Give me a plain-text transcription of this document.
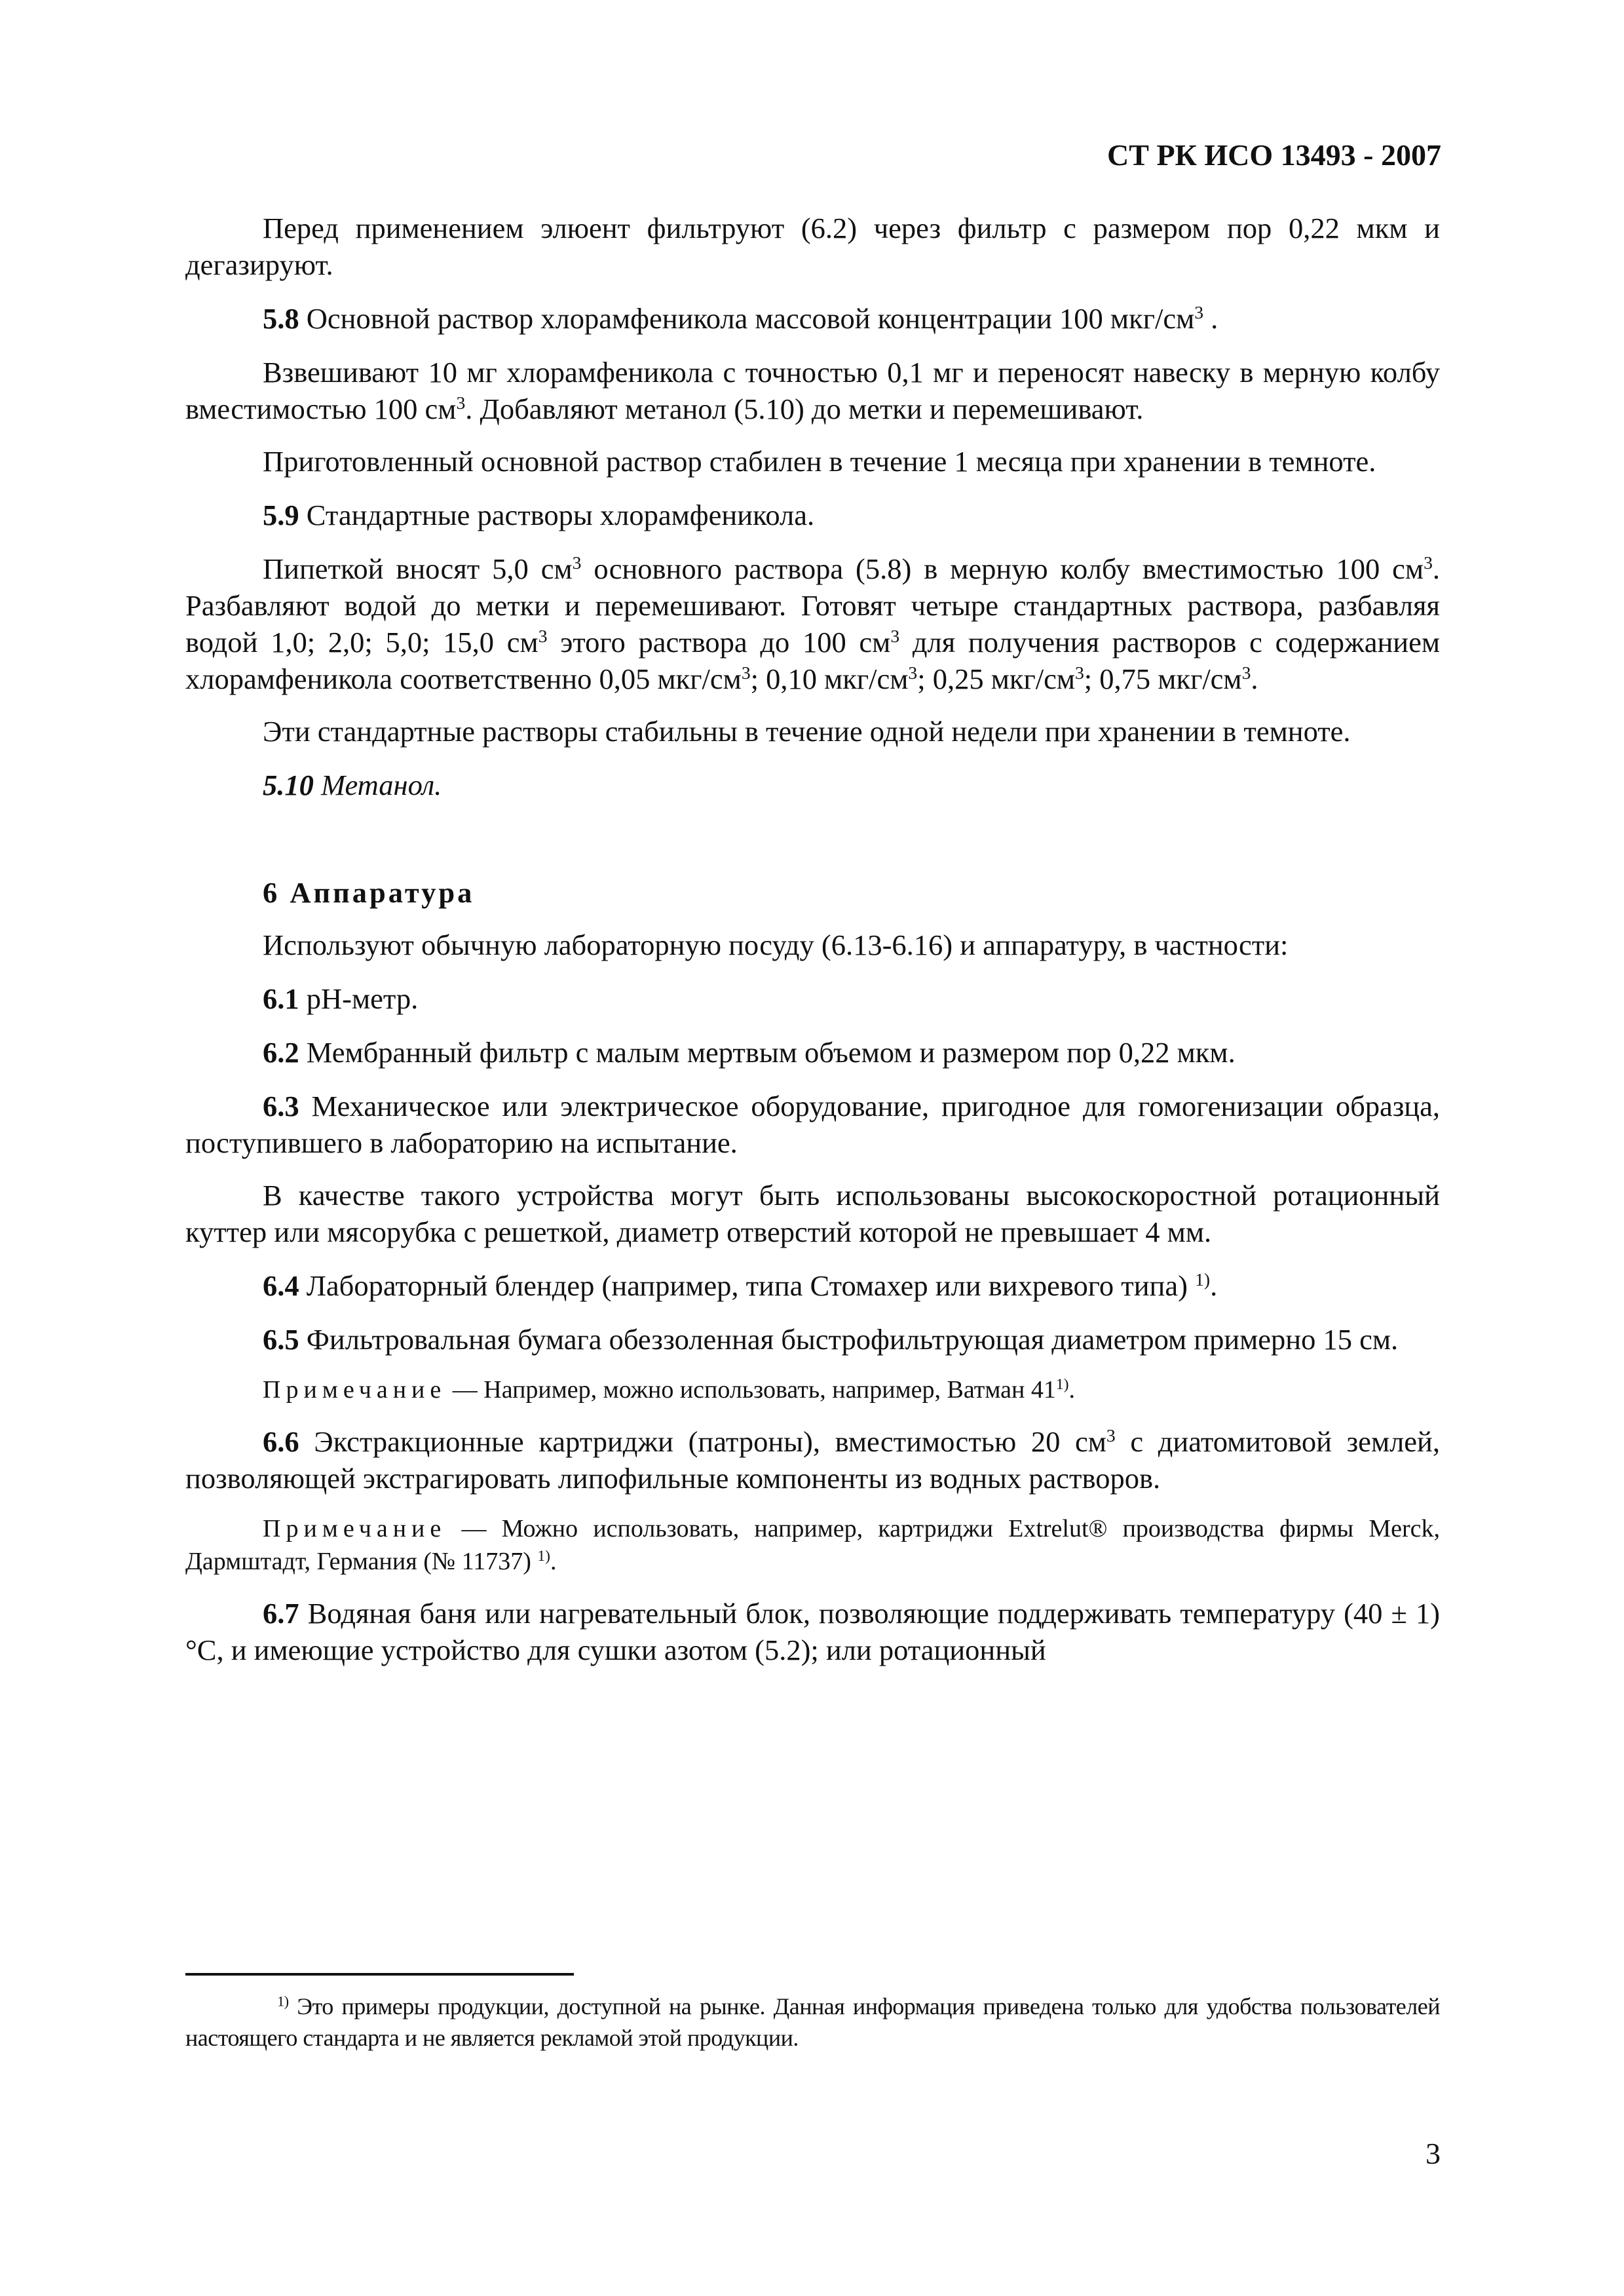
СТ РК ИСО 13493 - 2007

Перед применением элюент фильтруют (6.2) через фильтр с размером пор 0,22 мкм и дегазируют.

5.8 Основной раствор хлорамфеникола массовой концентрации 100 мкг/$см^3$ .

Взвешивают 10 мг хлорамфеникола с точностью 0,1 мг и переносят навеску в мерную колбу вместимостью 100 $см^3$. Добавляют метанол (5.10) до метки и перемешивают.

Приготовленный основной раствор стабилен в течение 1 месяца при хранении в темноте.

5.9 Стандартные растворы хлорамфеникола.

Пипеткой вносят 5,0 $см^3$ основного раствора (5.8) в мерную колбу вместимостью 100 $см^3$. Разбавляют водой до метки и перемешивают. Готовят четыре стандартных раствора, разбавляя водой 1,0; 2,0; 5,0; 15,0 $см^3$ этого раствора до 100 $см^3$ для получения растворов с содержанием хлорамфеникола соответственно 0,05 мкг/$см^3$; 0,10 мкг/$см^3$; 0,25 мкг/$см^3$; 0,75 мкг/$см^3$.

Эти стандартные растворы стабильны в течение одной недели при хранении в темноте.

5.10 Метанол.

6 Аппаратура

Используют обычную лабораторную посуду (6.13-6.16) и аппаратуру, в частности:

6.1 рН-метр.

6.2 Мембранный фильтр с малым мертвым объемом и размером пор 0,22 мкм.

6.3 Механическое или электрическое оборудование, пригодное для гомогенизации образца, поступившего в лабораторию на испытание.

В качестве такого устройства могут быть использованы высокоскоростной ротационный куттер или мясорубка с решеткой, диаметр отверстий которой не превышает 4 мм.

6.4 Лабораторный блендер (например, типа Стомахер или вихревого типа) $^{1)}$.

6.5 Фильтровальная бумага обеззоленная быстрофильтрующая диаметром примерно 15 см.

Примечание — Например, можно использовать, например, Ватман 41$^{1)}$.

6.6 Экстракционные картриджи (патроны), вместимостью 20 $см^3$ с диатомитовой землей, позволяющей экстрагировать липофильные компоненты из водных растворов.

Примечание — Можно использовать, например, картриджи Extrelut® производства фирмы Merck, Дармштадт, Германия (№ 11737) $^{1)}$.

6.7 Водяная баня или нагревательный блок, позволяющие поддерживать температуру (40 ± 1) °С, и имеющие устройство для сушки азотом (5.2); или ротационный

$^{1)}$ Это примеры продукции, доступной на рынке. Данная информация приведена только для удобства пользователей настоящего стандарта и не является рекламой этой продукции.
3
